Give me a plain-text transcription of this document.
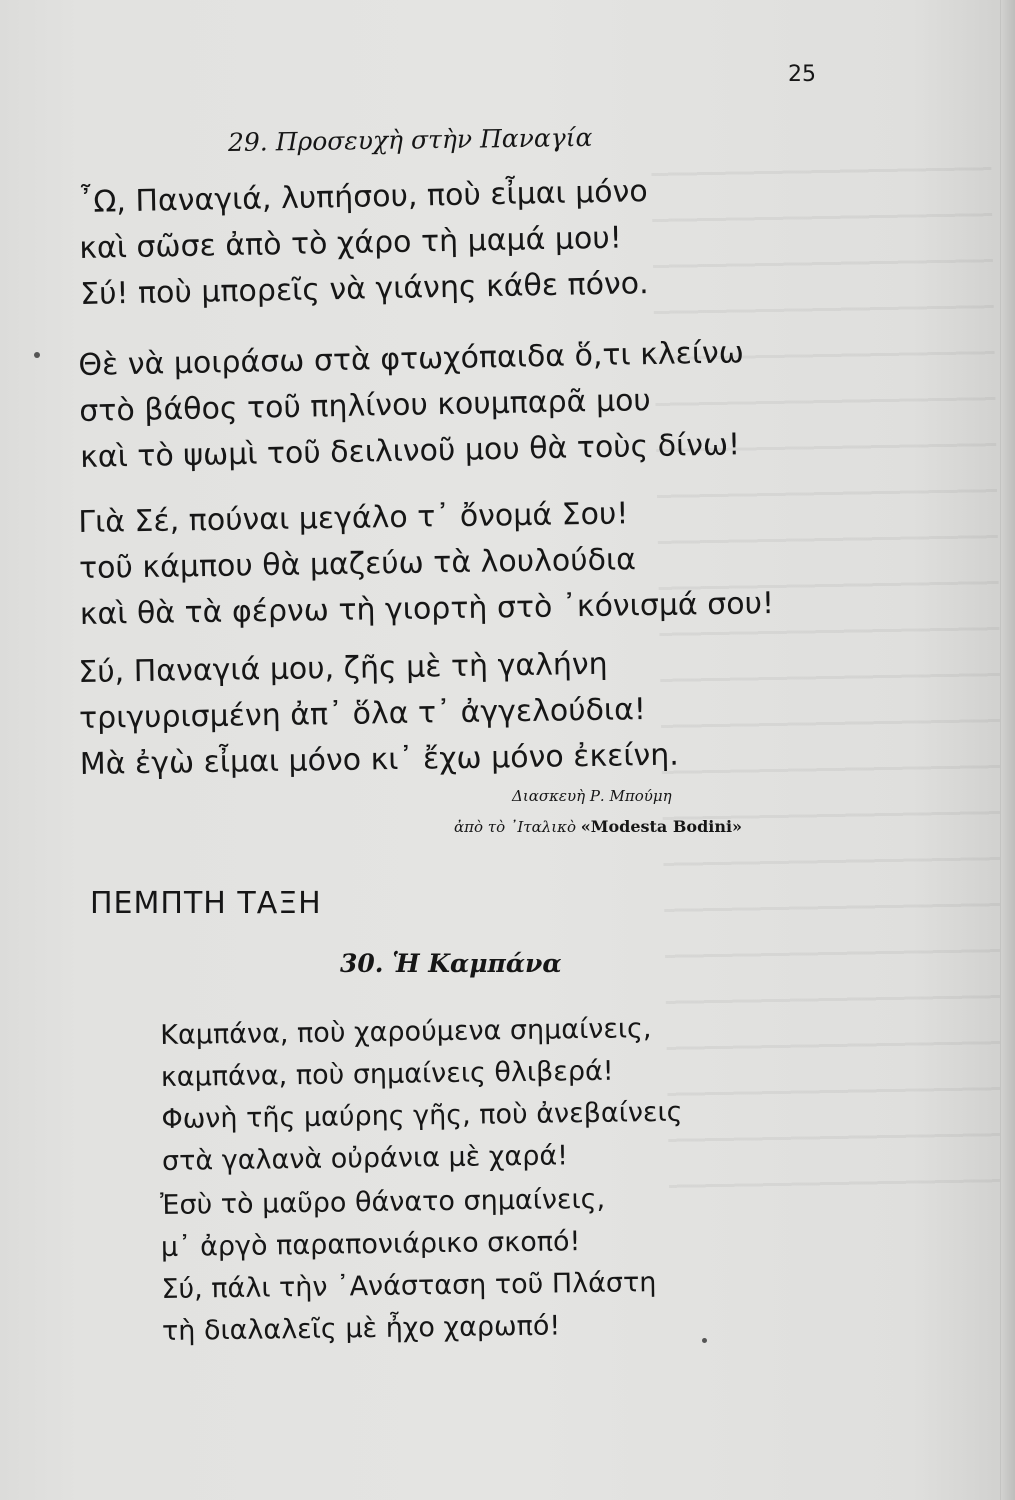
25
29. Προσευχὴ στὴν Παναγία
῏Ω, Παναγιά, λυπήσου, ποὺ εἶμαι μόνο
καὶ σῶσε ἀπὸ τὸ χάρο τὴ μαμά μου!
Σύ! ποὺ μπορεῖς νὰ γιάνης κάθε πόνο.
Θὲ νὰ μοιράσω στὰ φτωχόπαιδα ὅ,τι κλείνω
στὸ βάθος τοῦ πηλίνου κουμπαρᾶ μου
καὶ τὸ ψωμὶ τοῦ δειλινοῦ μου θὰ τοὺς δίνω!
Γιὰ Σέ, πούναι μεγάλο τ᾽ ὄνομά Σου!
τοῦ κάμπου θὰ μαζεύω τὰ λουλούδια
καὶ θὰ τὰ φέρνω τὴ γιορτὴ στὸ ᾽κόνισμά σου!
Σύ, Παναγιά μου, ζῆς μὲ τὴ γαλήνη
τριγυρισμένη ἀπ᾽ ὅλα τ᾽ ἀγγελούδια!
Μὰ ἐγὼ εἶμαι μόνο κι᾽ ἔχω μόνο ἐκείνη.
Διασκευὴ Ρ. Μπούμη
ἀπὸ τὸ ᾽Ιταλικὸ «Modesta Bodini»
ΠΕΜΠΤΗ ΤΑΞΗ
30. Ἡ Καμπάνα
Καμπάνα, ποὺ χαρούμενα σημαίνεις,
καμπάνα, ποὺ σημαίνεις θλιβερά!
Φωνὴ τῆς μαύρης γῆς, ποὺ ἀνεβαίνεις
στὰ γαλανὰ οὐράνια μὲ χαρά!
Ἐσὺ τὸ μαῦρο θάνατο σημαίνεις,
μ᾽ ἀργὸ παραπονιάρικο σκοπό!
Σύ, πάλι τὴν ᾽Ανάσταση τοῦ Πλάστη
τὴ διαλαλεῖς μὲ ἦχο χαρωπό!
